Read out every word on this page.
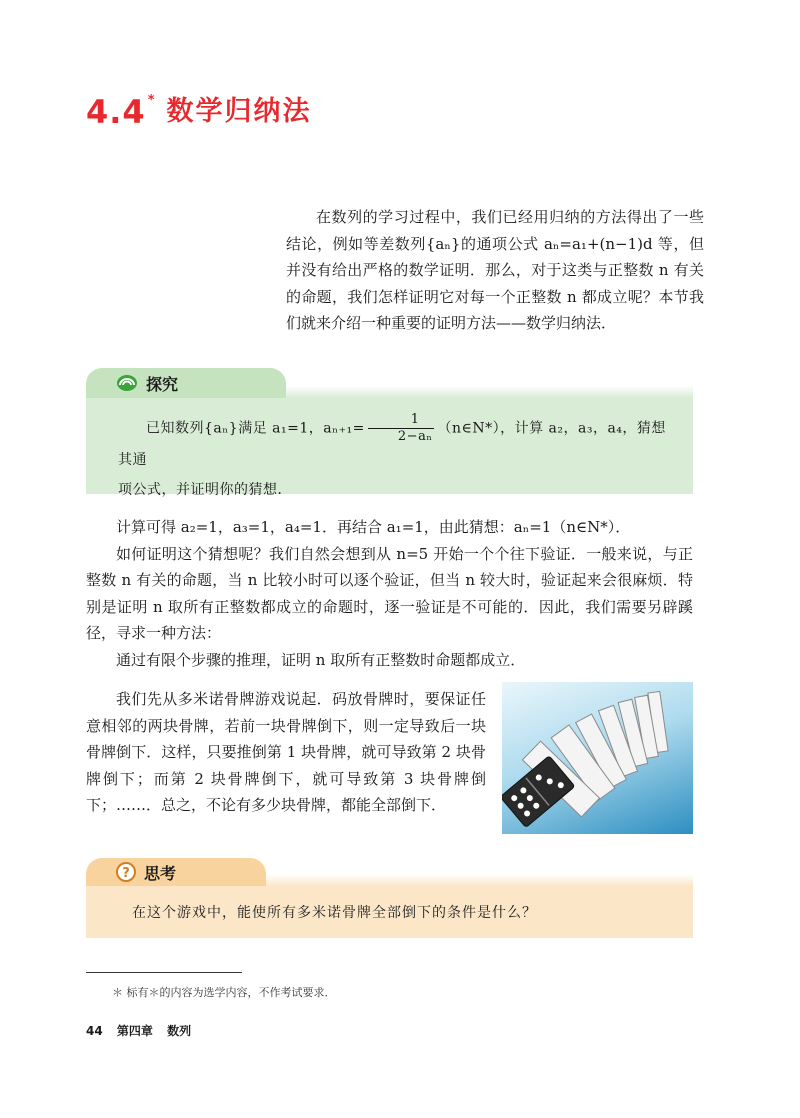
4.4 * 数学归纳法

在数列的学习过程中，我们已经用归纳的方法得出了一些结论，例如等差数列{aₙ}的通项公式 aₙ=a₁+(n−1)d 等，但并没有给出严格的数学证明．那么，对于这类与正整数 n 有关的命题，我们怎样证明它对每一个正整数 n 都成立呢？本节我们就来介绍一种重要的证明方法——数学归纳法．

探究
已知数列{aₙ}满足 a₁=1，$a_{n+1}= \frac{1}{\text{2−aₙ}}$ （n∈N*），计算 a₂，a₃，a₄，猜想其通
项公式，并证明你的猜想．

计算可得 a₂=1，a₃=1，a₄=1．再结合 a₁=1，由此猜想：aₙ=1（n∈N*）．

如何证明这个猜想呢？我们自然会想到从 n=5 开始一个个往下验证．一般来说，与正整数 n 有关的命题，当 n 比较小时可以逐个验证，但当 n 较大时，验证起来会很麻烦．特别是证明 n 取所有正整数都成立的命题时，逐一验证是不可能的．因此，我们需要另辟蹊径，寻求一种方法：

通过有限个步骤的推理，证明 n 取所有正整数时命题都成立．

我们先从多米诺骨牌游戏说起．码放骨牌时，要保证任意相邻的两块骨牌，若前一块骨牌倒下，则一定导致后一块骨牌倒下．这样，只要推倒第 1 块骨牌，就可导致第 2 块骨牌倒下；而第 2 块骨牌倒下，就可导致第 3 块骨牌倒下；……．总之，不论有多少块骨牌，都能全部倒下．

? 思考
在这个游戏中，能使所有多米诺骨牌全部倒下的条件是什么？
＊ 标有＊的内容为选学内容，不作考试要求．
44 第四章 数列
